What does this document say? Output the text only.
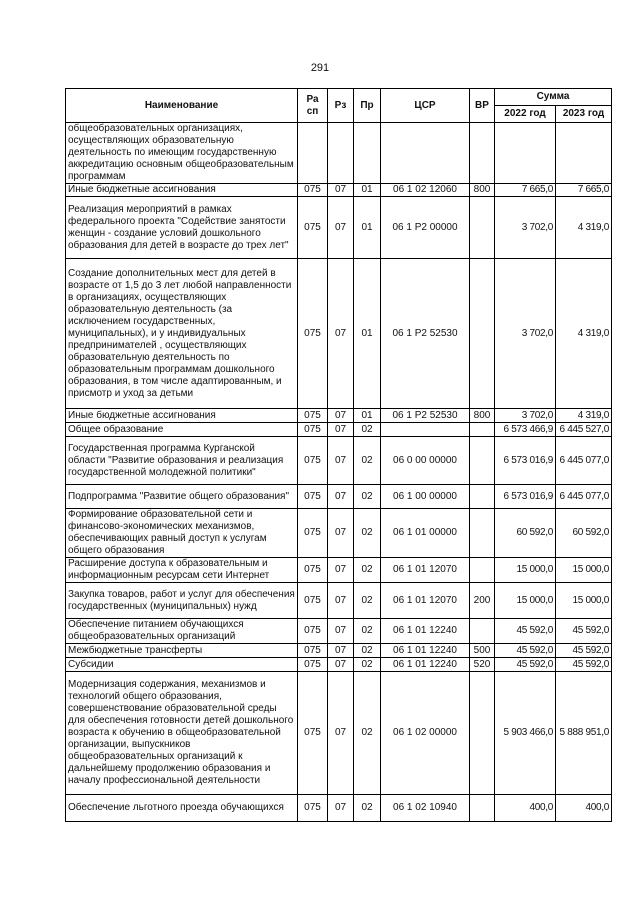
291
Наименование	Ра сп	Рз	Пр	ЦСР	ВР	Сумма	
						2022 год	2023 год
общеобразовательных организациях, осуществляющих образовательную деятельность по имеющим государственную аккредитацию основным общеобразовательным программам							
Иные бюджетные ассигнования	075	07	01	06 1 02 12060	800	7 665,0	7 665,0
Реализация мероприятий в рамках федерального проекта "Содействие занятости женщин - создание условий дошкольного образования для детей в возрасте до трех лет"	075	07	01	06 1 P2 00000		3 702,0	4 319,0
Создание дополнительных мест для детей в возрасте от 1,5 до 3 лет любой направленности в организациях, осуществляющих образовательную деятельность (за исключением государственных, муниципальных), и у индивидуальных предпринимателей , осуществляющих образовательную деятельность по образовательным программам дошкольного образования, в том числе адаптированным, и присмотр и уход за детьми	075	07	01	06 1 P2 52530		3 702,0	4 319,0
Иные бюджетные ассигнования	075	07	01	06 1 P2 52530	800	3 702,0	4 319,0
Общее образование	075	07	02			6 573 466,9	6 445 527,0
Государственная программа Курганской области "Развитие образования и реализация государственной молодежной политики"	075	07	02	06 0 00 00000		6 573 016,9	6 445 077,0
Подпрограмма "Развитие общего образования"	075	07	02	06 1 00 00000		6 573 016,9	6 445 077,0
Формирование образовательной сети и финансово-экономических механизмов, обеспечивающих равный доступ к услугам общего образования	075	07	02	06 1 01 00000		60 592,0	60 592,0
Расширение доступа к образовательным и информационным ресурсам сети Интернет	075	07	02	06 1 01 12070		15 000,0	15 000,0
Закупка товаров, работ и услуг для обеспечения государственных (муниципальных) нужд	075	07	02	06 1 01 12070	200	15 000,0	15 000,0
Обеспечение питанием обучающихся общеобразовательных организаций	075	07	02	06 1 01 12240		45 592,0	45 592,0
Межбюджетные трансферты	075	07	02	06 1 01 12240	500	45 592,0	45 592,0
Субсидии	075	07	02	06 1 01 12240	520	45 592,0	45 592,0
Модернизация содержания, механизмов и технологий общего образования, совершенствование образовательной среды для обеспечения готовности детей дошкольного возраста к обучению в общеобразовательной организации, выпускников общеобразовательных организаций к дальнейшему продолжению образования и началу профессиональной деятельности	075	07	02	06 1 02 00000		5 903 466,0	5 888 951,0
Обеспечение льготного проезда обучающихся	075	07	02	06 1 02 10940		400,0	400,0
